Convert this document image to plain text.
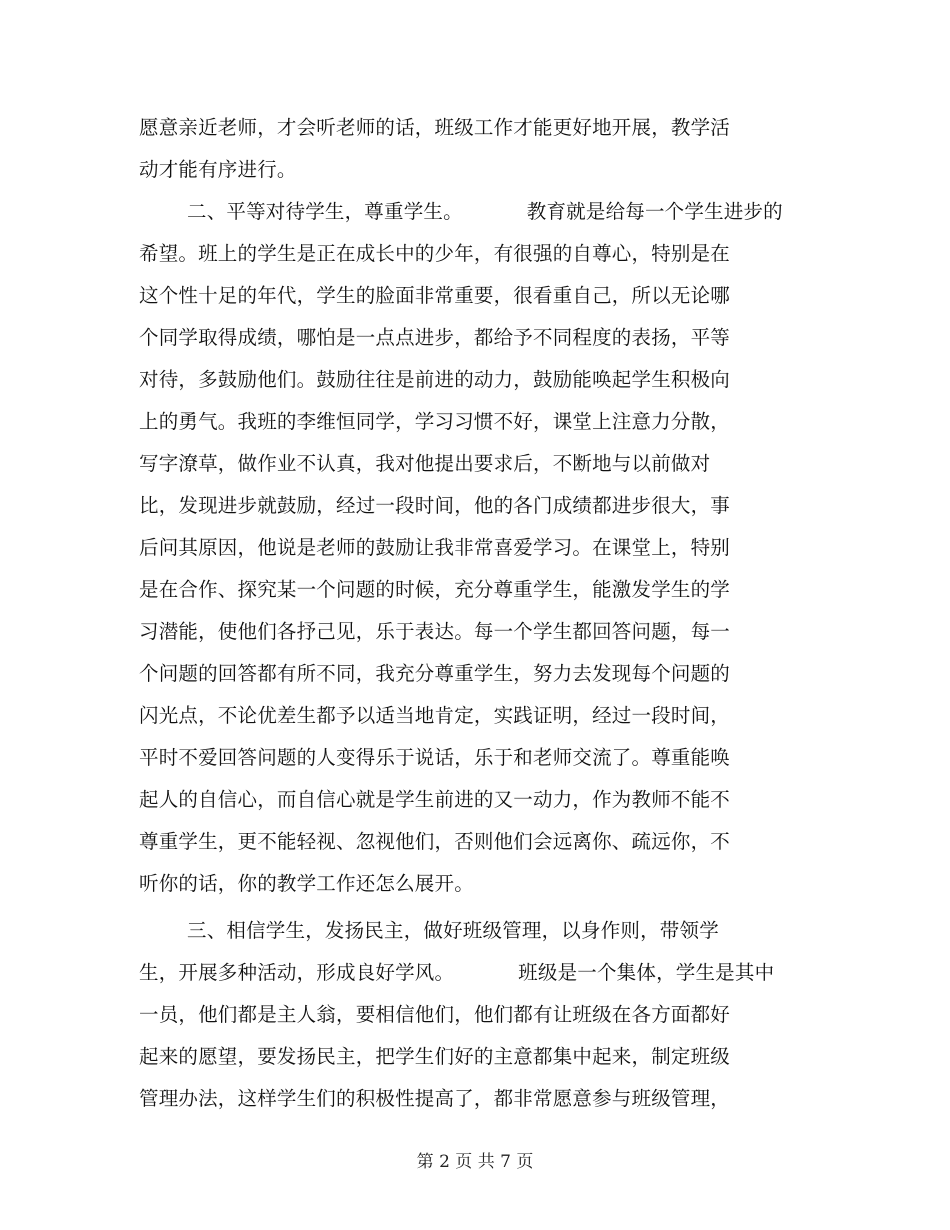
愿意亲近老师，才会听老师的话，班级工作才能更好地开展，教学活
动才能有序进行。
二、平等对待学生，尊重学生。          教育就是给每一个学生进步的
希望。班上的学生是正在成长中的少年，有很强的自尊心，特别是在
这个性十足的年代，学生的脸面非常重要，很看重自己，所以无论哪
个同学取得成绩，哪怕是一点点进步，都给予不同程度的表扬，平等
对待，多鼓励他们。鼓励往往是前进的动力，鼓励能唤起学生积极向
上的勇气。我班的李维恒同学，学习习惯不好，课堂上注意力分散，
写字潦草，做作业不认真，我对他提出要求后，不断地与以前做对
比，发现进步就鼓励，经过一段时间，他的各门成绩都进步很大，事
后问其原因，他说是老师的鼓励让我非常喜爱学习。在课堂上，特别
是在合作、探究某一个问题的时候，充分尊重学生，能激发学生的学
习潜能，使他们各抒己见，乐于表达。每一个学生都回答问题，每一
个问题的回答都有所不同，我充分尊重学生，努力去发现每个问题的
闪光点，不论优差生都予以适当地肯定，实践证明，经过一段时间，
平时不爱回答问题的人变得乐于说话，乐于和老师交流了。尊重能唤
起人的自信心，而自信心就是学生前进的又一动力，作为教师不能不
尊重学生，更不能轻视、忽视他们，否则他们会远离你、疏远你，不
听你的话，你的教学工作还怎么展开。
三、相信学生，发扬民主，做好班级管理，以身作则，带领学
生，开展多种活动，形成良好学风。          班级是一个集体，学生是其中
一员，他们都是主人翁，要相信他们，他们都有让班级在各方面都好
起来的愿望，要发扬民主，把学生们好的主意都集中起来，制定班级
管理办法，这样学生们的积极性提高了，都非常愿意参与班级管理，
第 2 页 共 7 页
